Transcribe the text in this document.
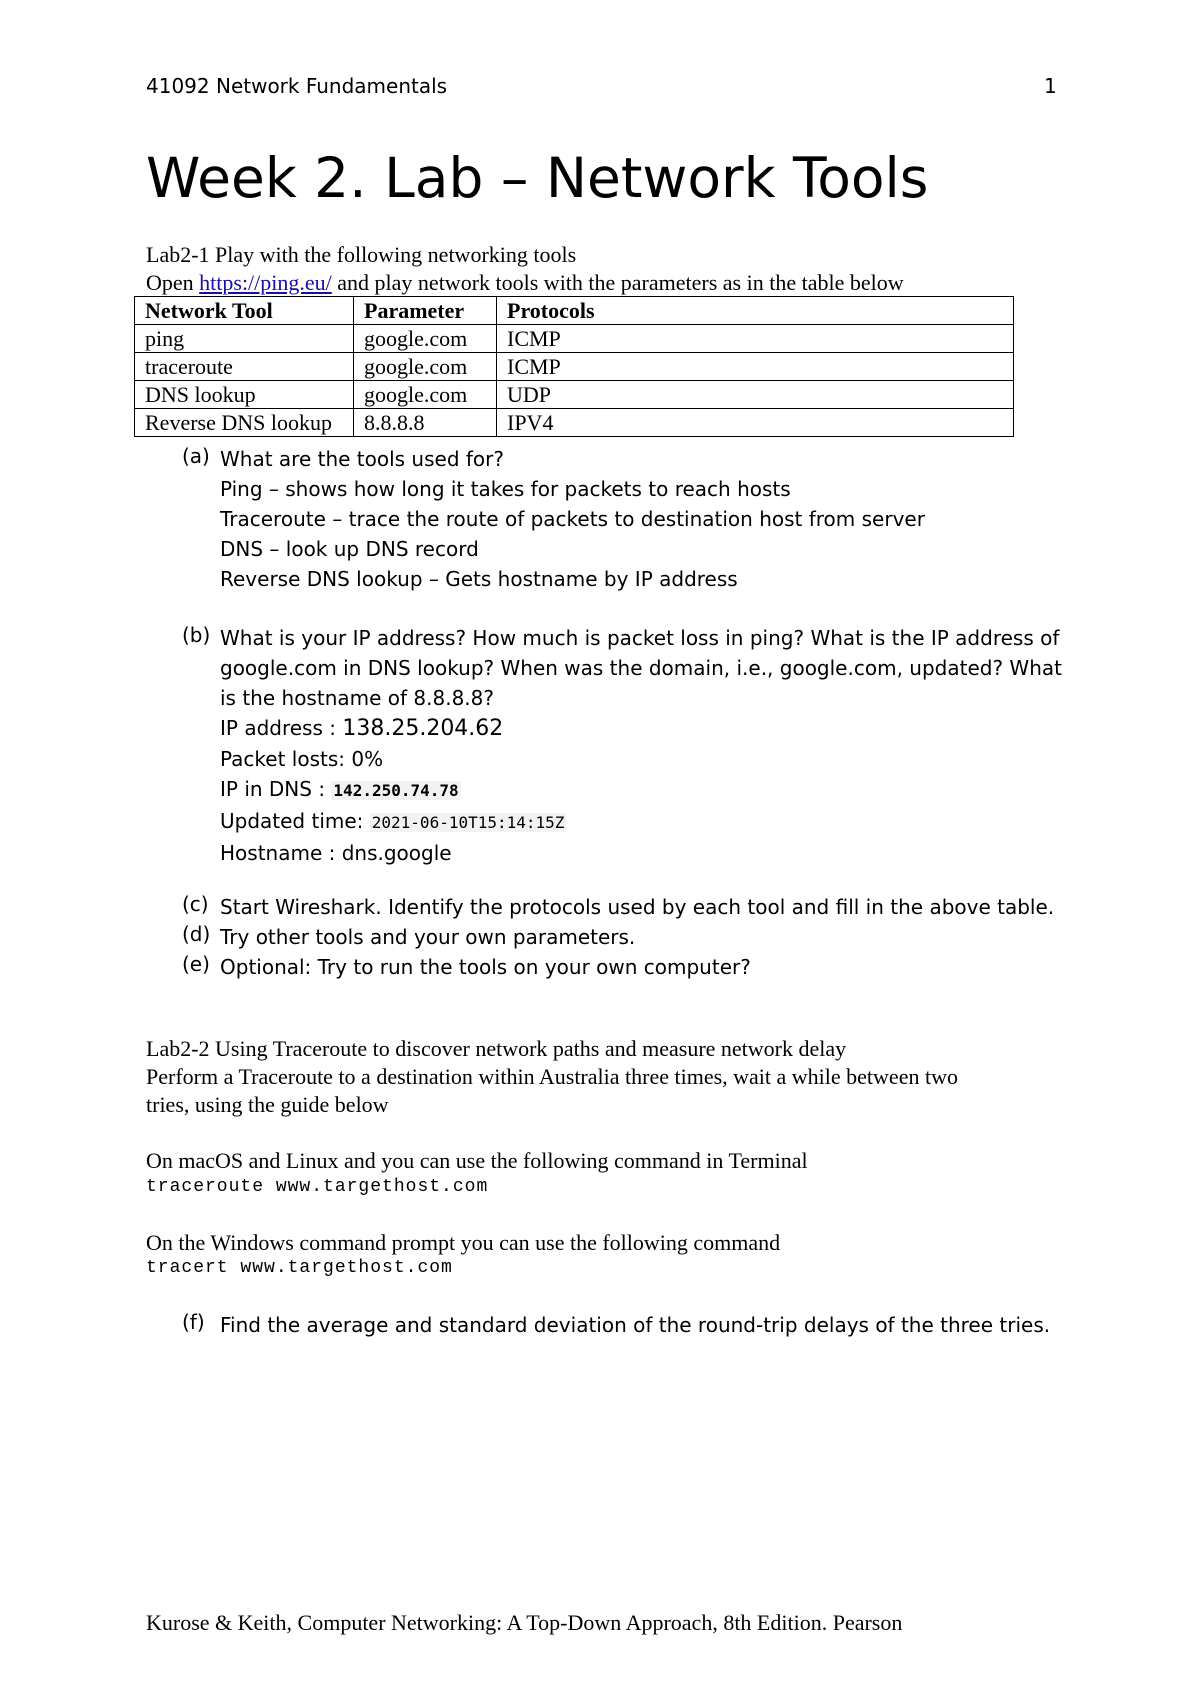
41092 Network Fundamentals	1
Week 2. Lab – Network Tools
Lab2-1 Play with the following networking tools
Open https://ping.eu/ and play network tools with the parameters as in the table below
Network Tool	Parameter	Protocols
ping	google.com	ICMP
traceroute	google.com	ICMP
DNS lookup	google.com	UDP
Reverse DNS lookup	8.8.8.8	IPV4
(a) What are the tools used for?
Ping – shows how long it takes for packets to reach hosts
Traceroute – trace the route of packets to destination host from server
DNS – look up DNS record
Reverse DNS lookup – Gets hostname by IP address
(b) What is your IP address? How much is packet loss in ping? What is the IP address of google.com in DNS lookup? When was the domain, i.e., google.com, updated? What is the hostname of 8.8.8.8?
IP address : 138.25.204.62
Packet losts: 0%
IP in DNS : 142.250.74.78
Updated time: 2021-06-10T15:14:15Z
Hostname : dns.google
(c) Start Wireshark. Identify the protocols used by each tool and fill in the above table.
(d) Try other tools and your own parameters.
(e) Optional: Try to run the tools on your own computer?
Lab2-2 Using Traceroute to discover network paths and measure network delay
Perform a Traceroute to a destination within Australia three times, wait a while between two
tries, using the guide below
On macOS and Linux and you can use the following command in Terminal
traceroute www.targethost.com
On the Windows command prompt you can use the following command
tracert www.targethost.com
(f) Find the average and standard deviation of the round-trip delays of the three tries.
Kurose & Keith, Computer Networking: A Top-Down Approach, 8th Edition. Pearson
